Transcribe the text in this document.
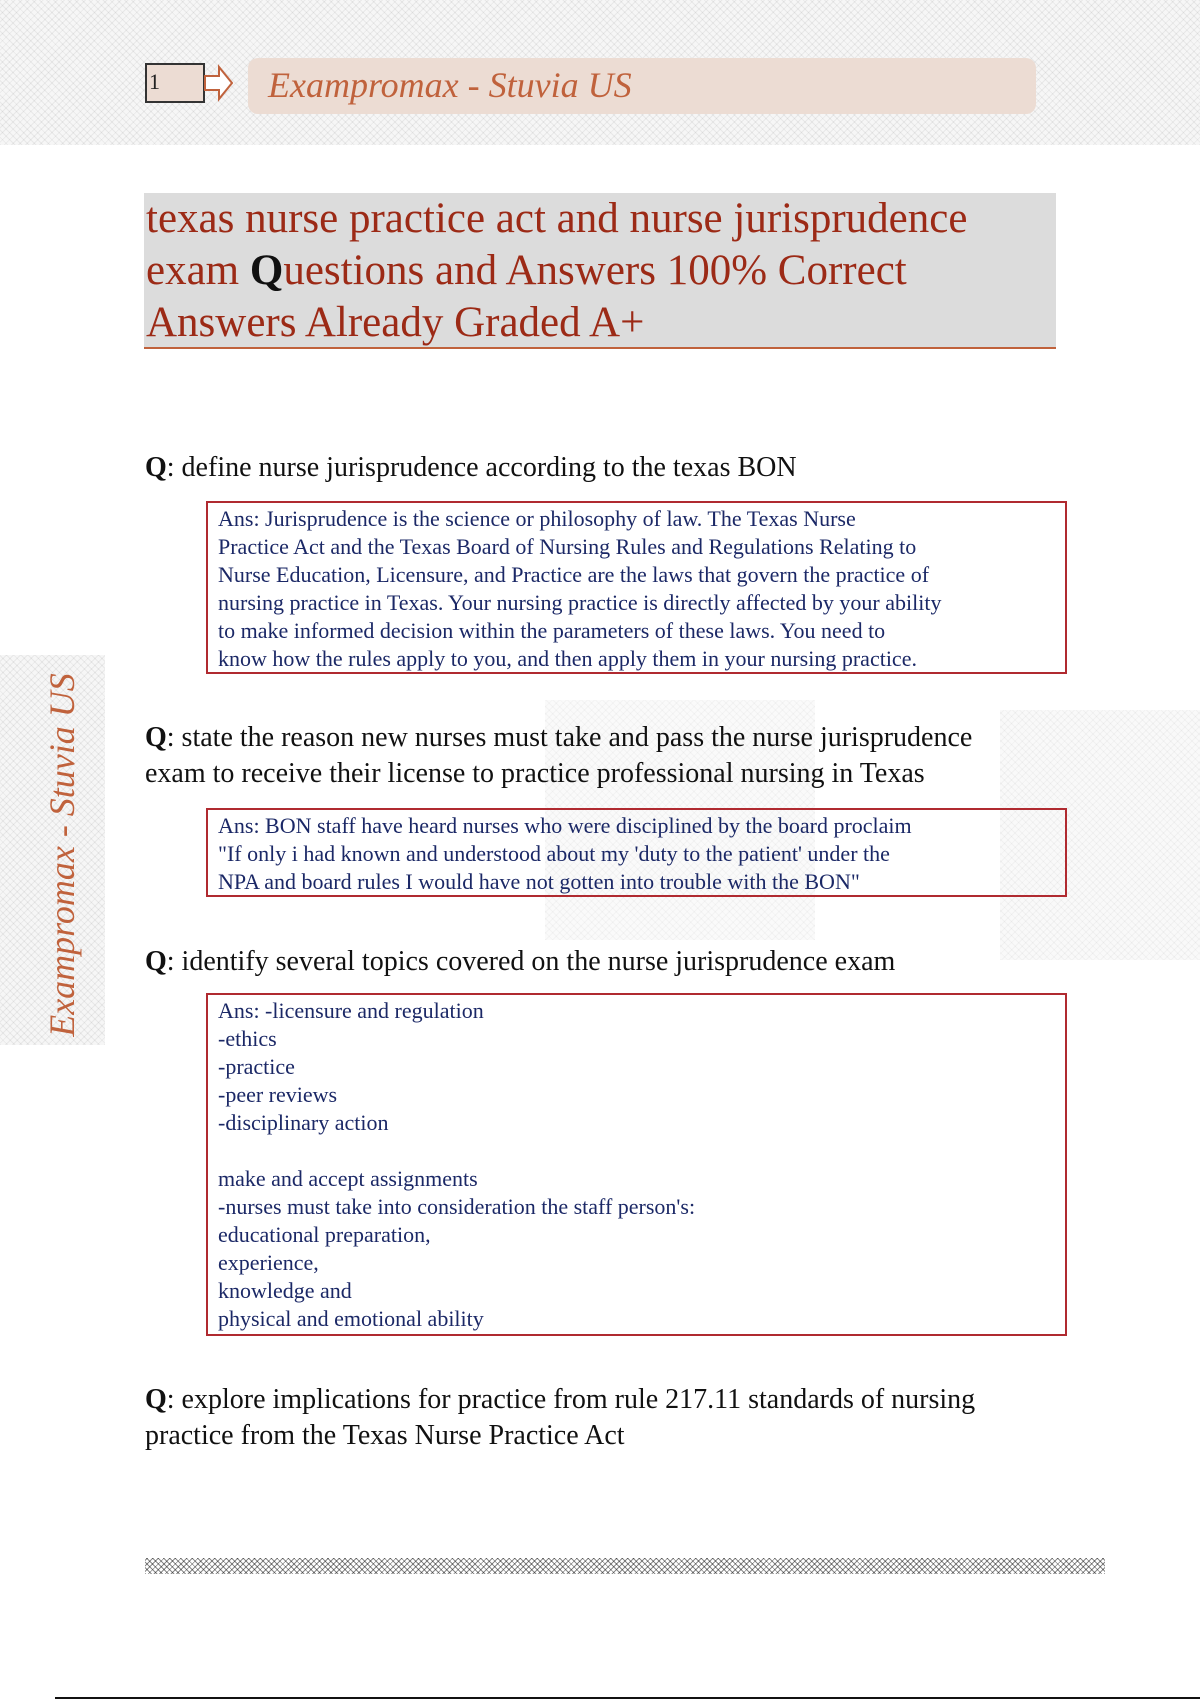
1	Exampromax - Stuvia US
Exampromax - Stuvia US
texas nurse practice act and nurse jurisprudence
exam Questions and Answers 100% Correct
Answers Already Graded A+
Q: define nurse jurisprudence according to the texas BON
Ans: Jurisprudence is the science or philosophy of law. The Texas Nurse
Practice Act and the Texas Board of Nursing Rules and Regulations Relating to
Nurse Education, Licensure, and Practice are the laws that govern the practice of
nursing practice in Texas. Your nursing practice is directly affected by your ability
to make informed decision within the parameters of these laws. You need to
know how the rules apply to you, and then apply them in your nursing practice.
Q: state the reason new nurses must take and pass the nurse jurisprudence
exam to receive their license to practice professional nursing in Texas
Ans: BON staff have heard nurses who were disciplined by the board proclaim
"If only i had known and understood about my 'duty to the patient' under the
NPA and board rules I would have not gotten into trouble with the BON"
Q: identify several topics covered on the nurse jurisprudence exam
Ans: -licensure and regulation
-ethics
-practice
-peer reviews
-disciplinary action

make and accept assignments
-nurses must take into consideration the staff person's:
educational preparation,
experience,
knowledge and
physical and emotional ability
Q: explore implications for practice from rule 217.11 standards of nursing
practice from the Texas Nurse Practice Act
